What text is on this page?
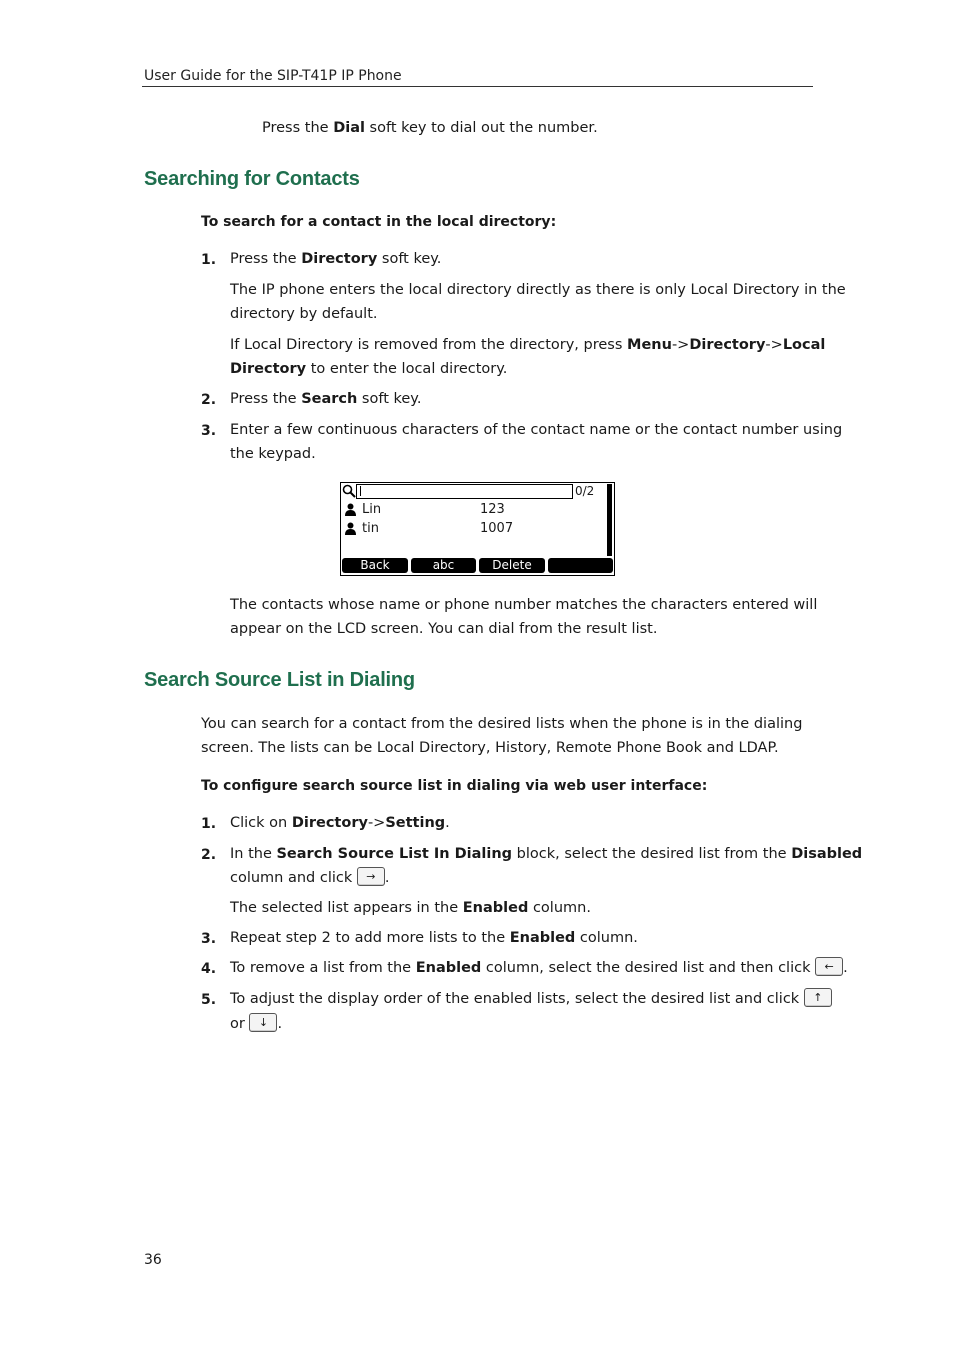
User Guide for the SIP-T41P IP Phone
Press the Dial soft key to dial out the number.
Searching for Contacts
To search for a contact in the local directory:
1. Press the Directory soft key.
The IP phone enters the local directory directly as there is only Local Directory in the
directory by default.
If Local Directory is removed from the directory, press Menu->Directory->Local
Directory to enter the local directory.
2. Press the Search soft key.
3. Enter a few continuous characters of the contact name or the contact number using
the keypad.
0/2
Lin	123
tin	1007
Back	abc	Delete
The contacts whose name or phone number matches the characters entered will
appear on the LCD screen. You can dial from the result list.
Search Source List in Dialing
You can search for a contact from the desired lists when the phone is in the dialing
screen. The lists can be Local Directory, History, Remote Phone Book and LDAP.
To configure search source list in dialing via web user interface:
1. Click on Directory->Setting.
2. In the Search Source List In Dialing block, select the desired list from the Disabled
column and click → .
The selected list appears in the Enabled column.
3. Repeat step 2 to add more lists to the Enabled column.
4. To remove a list from the Enabled column, select the desired list and then click ← .
5. To adjust the display order of the enabled lists, select the desired list and click ↑
or ↓ .
36
